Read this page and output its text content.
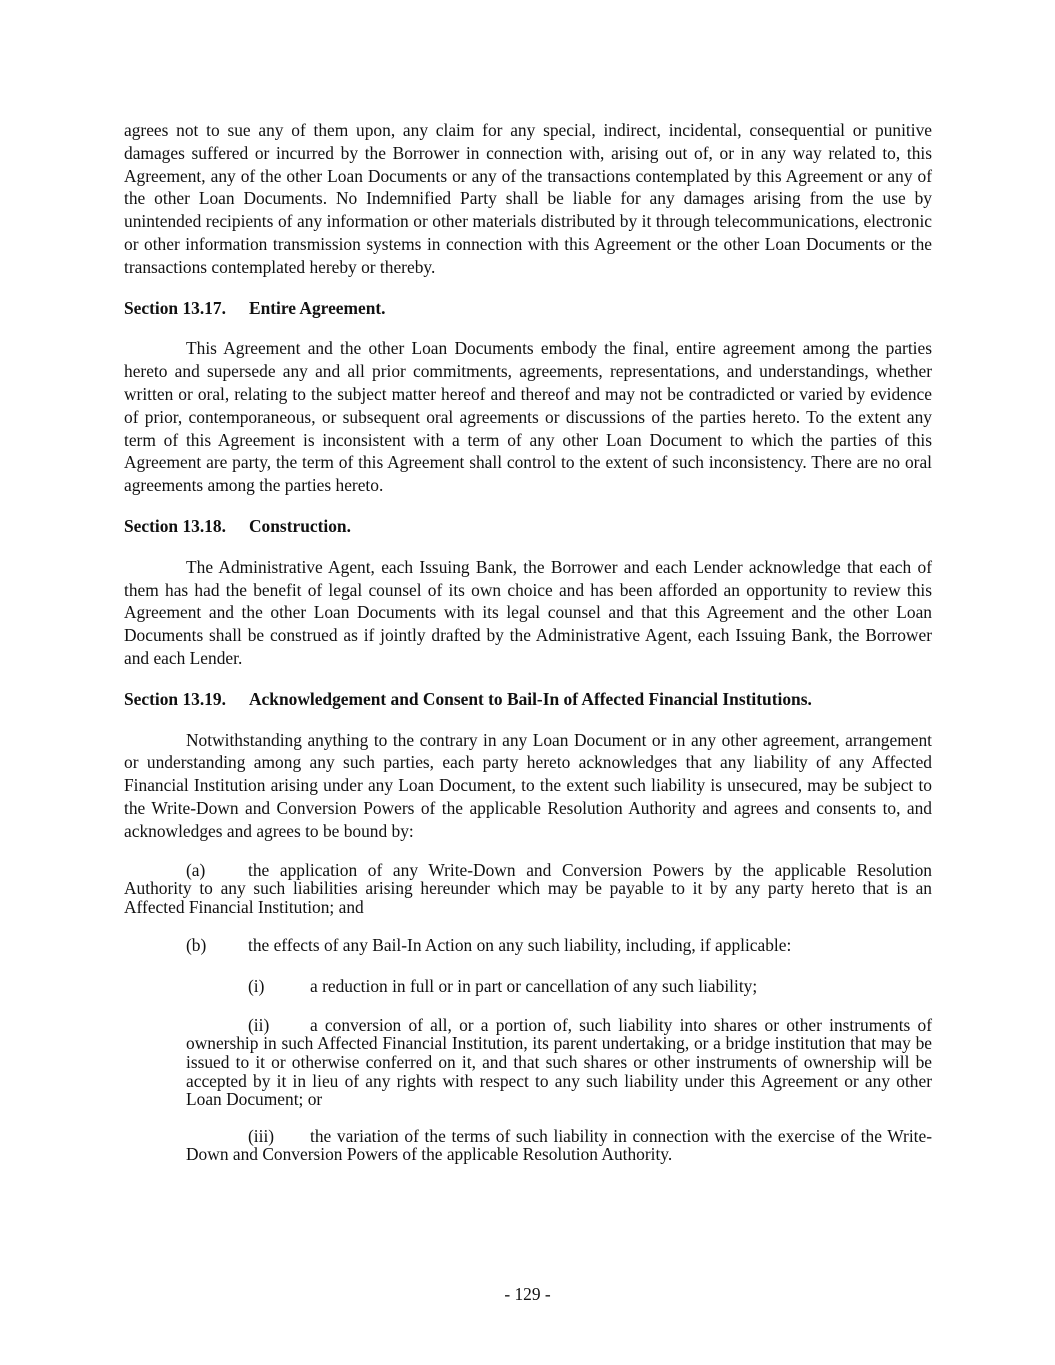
agrees not to sue any of them upon, any claim for any special, indirect, incidental, consequential or punitive damages suffered or incurred by the Borrower in connection with, arising out of, or in any way related to, this Agreement, any of the other Loan Documents or any of the transactions contemplated by this Agreement or any of the other Loan Documents. No Indemnified Party shall be liable for any damages arising from the use by unintended recipients of any information or other materials distributed by it through telecommunications, electronic or other information transmission systems in connection with this Agreement or the other Loan Documents or the transactions contemplated hereby or thereby.

Section 13.17. Entire Agreement.

This Agreement and the other Loan Documents embody the final, entire agreement among the parties hereto and supersede any and all prior commitments, agreements, representations, and understandings, whether written or oral, relating to the subject matter hereof and thereof and may not be contradicted or varied by evidence of prior, contemporaneous, or subsequent oral agreements or discussions of the parties hereto. To the extent any term of this Agreement is inconsistent with a term of any other Loan Document to which the parties of this Agreement are party, the term of this Agreement shall control to the extent of such inconsistency. There are no oral agreements among the parties hereto.

Section 13.18. Construction.

The Administrative Agent, each Issuing Bank, the Borrower and each Lender acknowledge that each of them has had the benefit of legal counsel of its own choice and has been afforded an opportunity to review this Agreement and the other Loan Documents with its legal counsel and that this Agreement and the other Loan Documents shall be construed as if jointly drafted by the Administrative Agent, each Issuing Bank, the Borrower and each Lender.

Section 13.19. Acknowledgement and Consent to Bail-In of Affected Financial Institutions.

Notwithstanding anything to the contrary in any Loan Document or in any other agreement, arrangement or understanding among any such parties, each party hereto acknowledges that any liability of any Affected Financial Institution arising under any Loan Document, to the extent such liability is unsecured, may be subject to the Write-Down and Conversion Powers of the applicable Resolution Authority and agrees and consents to, and acknowledges and agrees to be bound by:

(a) the application of any Write-Down and Conversion Powers by the applicable Resolution Authority to any such liabilities arising hereunder which may be payable to it by any party hereto that is an Affected Financial Institution; and

(b) the effects of any Bail-In Action on any such liability, including, if applicable:

(i)	a reduction in full or in part or cancellation of any such liability;

(ii) a conversion of all, or a portion of, such liability into shares or other instruments of ownership in such Affected Financial Institution, its parent undertaking, or a bridge institution that may be issued to it or otherwise conferred on it, and that such shares or other instruments of ownership will be accepted by it in lieu of any rights with respect to any such liability under this Agreement or any other Loan Document; or

(iii) the variation of the terms of such liability in connection with the exercise of the Write-Down and Conversion Powers of the applicable Resolution Authority.

- 129 -
